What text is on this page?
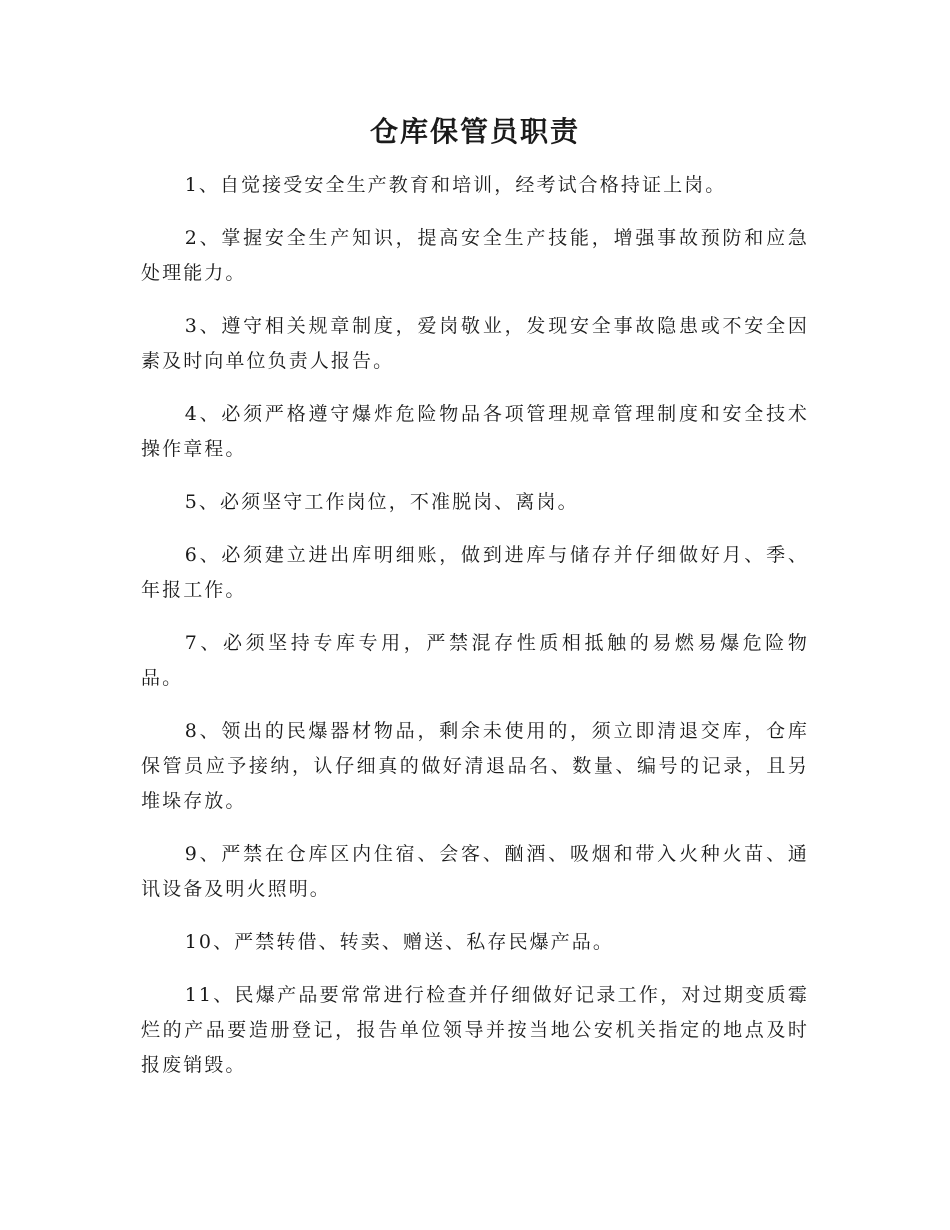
仓库保管员职责

1、自觉接受安全生产教育和培训，经考试合格持证上岗。

2、掌握安全生产知识，提高安全生产技能，增强事故预防和应急处理能力。

3、遵守相关规章制度，爱岗敬业，发现安全事故隐患或不安全因素及时向单位负责人报告。

4、必须严格遵守爆炸危险物品各项管理规章管理制度和安全技术操作章程。

5、必须坚守工作岗位，不准脱岗、离岗。

6、必须建立进出库明细账，做到进库与储存并仔细做好月、季、年报工作。

7、必须坚持专库专用，严禁混存性质相抵触的易燃易爆危险物品。

8、领出的民爆器材物品，剩余未使用的，须立即清退交库，仓库保管员应予接纳，认仔细真的做好清退品名、数量、编号的记录，且另堆垛存放。

9、严禁在仓库区内住宿、会客、酗酒、吸烟和带入火种火苗、通讯设备及明火照明。

10、严禁转借、转卖、赠送、私存民爆产品。

11、民爆产品要常常进行检查并仔细做好记录工作，对过期变质霉烂的产品要造册登记，报告单位领导并按当地公安机关指定的地点及时报废销毁。
